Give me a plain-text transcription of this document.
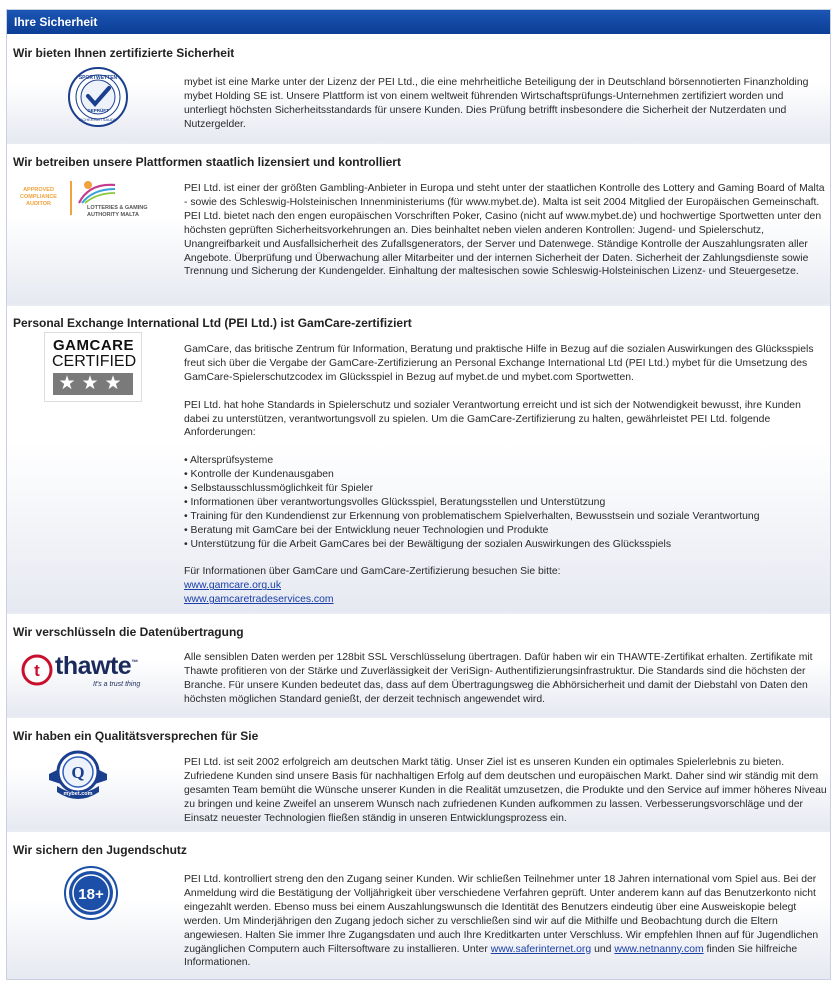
Ihre Sicherheit
Wir bieten Ihnen zertifizierte Sicherheit
SPORTWETTEN
GEPRÜFT
SICHERHEITSAUDIT

mybet ist eine Marke unter der Lizenz der PEI Ltd., die eine mehrheitliche Beteiligung der in Deutschland börsennotierten Finanzholding mybet Holding SE ist. Unsere Plattform ist von einem weltweit führenden Wirtschaftsprüfungs-Unternehmen zertifiziert worden und unterliegt höchsten Sicherheitsstandards für unsere Kunden. Dies Prüfung betrifft insbesondere die Sicherheit der Nutzerdaten und Nutzergelder.

Wir betreiben unsere Plattformen staatlich lizensiert und kontrolliert
APPROVED
COMPLIANCE
AUDITOR
LOTTERIES & GAMING
AUTHORITY MALTA

PEI Ltd. ist einer der größten Gambling-Anbieter in Europa und steht unter der staatlichen Kontrolle des Lottery and Gaming Board of Malta - sowie des Schleswig-Holsteinischen Innenministeriums (für www.mybet.de). Malta ist seit 2004 Mitglied der Europäischen Gemeinschaft. PEI Ltd. bietet nach den engen europäischen Vorschriften Poker, Casino (nicht auf www.mybet.de) und hochwertige Sportwetten unter den höchsten geprüften Sicherheitsvorkehrungen an. Dies beinhaltet neben vielen anderen Kontrollen: Jugend- und Spielerschutz, Unangreifbarkeit und Ausfallsicherheit des Zufallsgenerators, der Server und Datenwege. Ständige Kontrolle der Auszahlungsraten aller Angebote. Überprüfung und Überwachung aller Mitarbeiter und der internen Sicherheit der Daten. Sicherheit der Zahlungsdienste sowie Trennung und Sicherung der Kundengelder. Einhaltung der maltesischen sowie Schleswig-Holsteinischen Lizenz- und Steuergesetze.

Personal Exchange International Ltd (PEI Ltd.) ist GamCare-zertifiziert
GAMCARE
CERTIFIED
★★★

GamCare, das britische Zentrum für Information, Beratung und praktische Hilfe in Bezug auf die sozialen Auswirkungen des Glücksspiels freut sich über die Vergabe der GamCare-Zertifizierung an Personal Exchange International Ltd (PEI Ltd.) mybet für die Umsetzung des GamCare-Spielerschutzcodex im Glücksspiel in Bezug auf mybet.de und mybet.com Sportwetten.

PEI Ltd. hat hohe Standards in Spielerschutz und sozialer Verantwortung erreicht und ist sich der Notwendigkeit bewusst, ihre Kunden dabei zu unterstützen, verantwortungsvoll zu spielen. Um die GamCare-Zertifizierung zu halten, gewährleistet PEI Ltd. folgende Anforderungen:

• Altersprüfsysteme
• Kontrolle der Kundenausgaben
• Selbstausschlussmöglichkeit für Spieler
• Informationen über verantwortungsvolles Glücksspiel, Beratungsstellen und Unterstützung
• Training für den Kundendienst zur Erkennung von problematischem Spielverhalten, Bewusstsein und soziale Verantwortung
• Beratung mit GamCare bei der Entwicklung neuer Technologien und Produkte
• Unterstützung für die Arbeit GamCares bei der Bewältigung der sozialen Auswirkungen des Glücksspiels

Für Informationen über GamCare und GamCare-Zertifizierung besuchen Sie bitte:

www.gamcare.org.uk

www.gamcaretradeservices.com

Wir verschlüsseln die Datenübertragung
t thawte™
It's a trust thing

Alle sensiblen Daten werden per 128bit SSL Verschlüsselung übertragen. Dafür haben wir ein THAWTE-Zertifikat erhalten. Zertifikate mit Thawte profitieren von der Stärke und Zuverlässigkeit der VeriSign- Authentifizierungsinfrastruktur. Die Standards sind die höchsten der Branche. Für unsere Kunden bedeutet das, dass auf dem Übertragungsweg die Abhörsicherheit und damit der Diebstahl von Daten den höchsten möglichen Standard genießt, der derzeit technisch angewendet wird.

Wir haben ein Qualitätsversprechen für Sie
Q
mybet.com

PEI Ltd. ist seit 2002 erfolgreich am deutschen Markt tätig. Unser Ziel ist es unseren Kunden ein optimales Spielerlebnis zu bieten. Zufriedene Kunden sind unsere Basis für nachhaltigen Erfolg auf dem deutschen und europäischen Markt. Daher sind wir ständig mit dem gesamten Team bemüht die Wünsche unserer Kunden in die Realität umzusetzen, die Produkte und den Service auf immer höheres Niveau zu bringen und keine Zweifel an unserem Wunsch nach zufriedenen Kunden aufkommen zu lassen. Verbesserungsvorschläge und der Einsatz neuester Technologien fließen ständig in unseren Entwicklungsprozess ein.

Wir sichern den Jugendschutz
18+

PEI Ltd. kontrolliert streng den den Zugang seiner Kunden. Wir schließen Teilnehmer unter 18 Jahren international vom Spiel aus. Bei der Anmeldung wird die Bestätigung der Volljährigkeit über verschiedene Verfahren geprüft. Unter anderem kann auf das Benutzerkonto nicht eingezahlt werden. Ebenso muss bei einem Auszahlungswunsch die Identität des Benutzers eindeutig über eine Ausweiskopie belegt werden. Um Minderjährigen den Zugang jedoch sicher zu verschließen sind wir auf die Mithilfe und Beobachtung durch die Eltern angewiesen. Halten Sie immer Ihre Zugangsdaten und auch Ihre Kreditkarten unter Verschluss. Wir empfehlen Ihnen auf für Jugendlichen zugänglichen Computern auch Filtersoftware zu installieren. Unter www.saferinternet.org und www.netnanny.com finden Sie hilfreiche Informationen.
